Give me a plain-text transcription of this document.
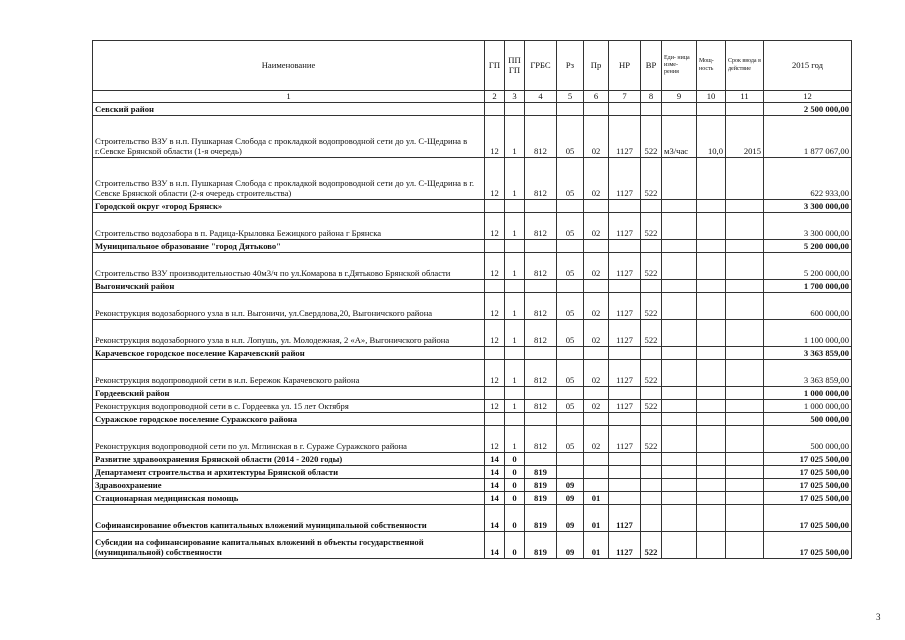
Наименование	ГП	ПП ГП	ГРБС	Рз	Пр	НР	ВР	Еди- ница изме- рения	Мощ- ность	Срок ввода в действие	2015 год
1	2	3	4	5	6	7	8	9	10	11	12
Севский район											2 500 000,00
Строительство ВЗУ в н.п. Пушкарная Слобода с прокладкой водопроводной сети до ул. С-Щедрина в г.Севске Брянской области (1-я очередь)	12	1	812	05	02	1127	522	м3/час	10,0	2015	1 877 067,00
Строительство ВЗУ в н.п. Пушкарная Слобода с прокладкой водопроводной сети до ул. С-Щедрина в г. Севске Брянской области (2-я очередь строительства)	12	1	812	05	02	1127	522				622 933,00
Городской округ «город Брянск»											3 300 000,00
Строительство водозабора в п. Радица-Крыловка Бежицкого района г Брянска	12	1	812	05	02	1127	522				3 300 000,00
Муниципальное образование "город Дятьково"											5 200 000,00
Строительство ВЗУ производительностью 40м3/ч по ул.Комарова в г.Дятьково Брянской области	12	1	812	05	02	1127	522				5 200 000,00
Выгоничский район											1 700 000,00
Реконструкция водозаборного узла в н.п. Выгоничи, ул.Свердлова,20, Выгоничского района	12	1	812	05	02	1127	522				600 000,00
Реконструкция водозаборного узла в н.п. Лопушь, ул. Молодежная, 2 «А», Выгоничского района	12	1	812	05	02	1127	522				1 100 000,00
Карачевское городское поселение Карачевский район											3 363 859,00
Реконструкция водопроводной сети в н.п. Бережок Карачевского района	12	1	812	05	02	1127	522				3 363 859,00
Гордеевский район											1 000 000,00
Реконструкция водопроводной сети в с. Гордеевка ул. 15 лет Октября	12	1	812	05	02	1127	522				1 000 000,00
Суражское городское поселение Суражского района											500 000,00
Реконструкция водопроводной сети по ул. Мглинская в г. Сураже Суражского района	12	1	812	05	02	1127	522				500 000,00
Развитие здравоохранения Брянской области (2014 - 2020 годы)	14	0									17 025 500,00
Департамент строительства и архитектуры Брянской области	14	0	819								17 025 500,00
Здравоохранение	14	0	819	09							17 025 500,00
Стационарная медицинская помощь	14	0	819	09	01						17 025 500,00
Софинансирование объектов капитальных вложений муниципальной собственности	14	0	819	09	01	1127					17 025 500,00
Субсидии на софинансирование капитальных вложений в объекты государственной (муниципальной) собственности	14	0	819	09	01	1127	522				17 025 500,00
3
